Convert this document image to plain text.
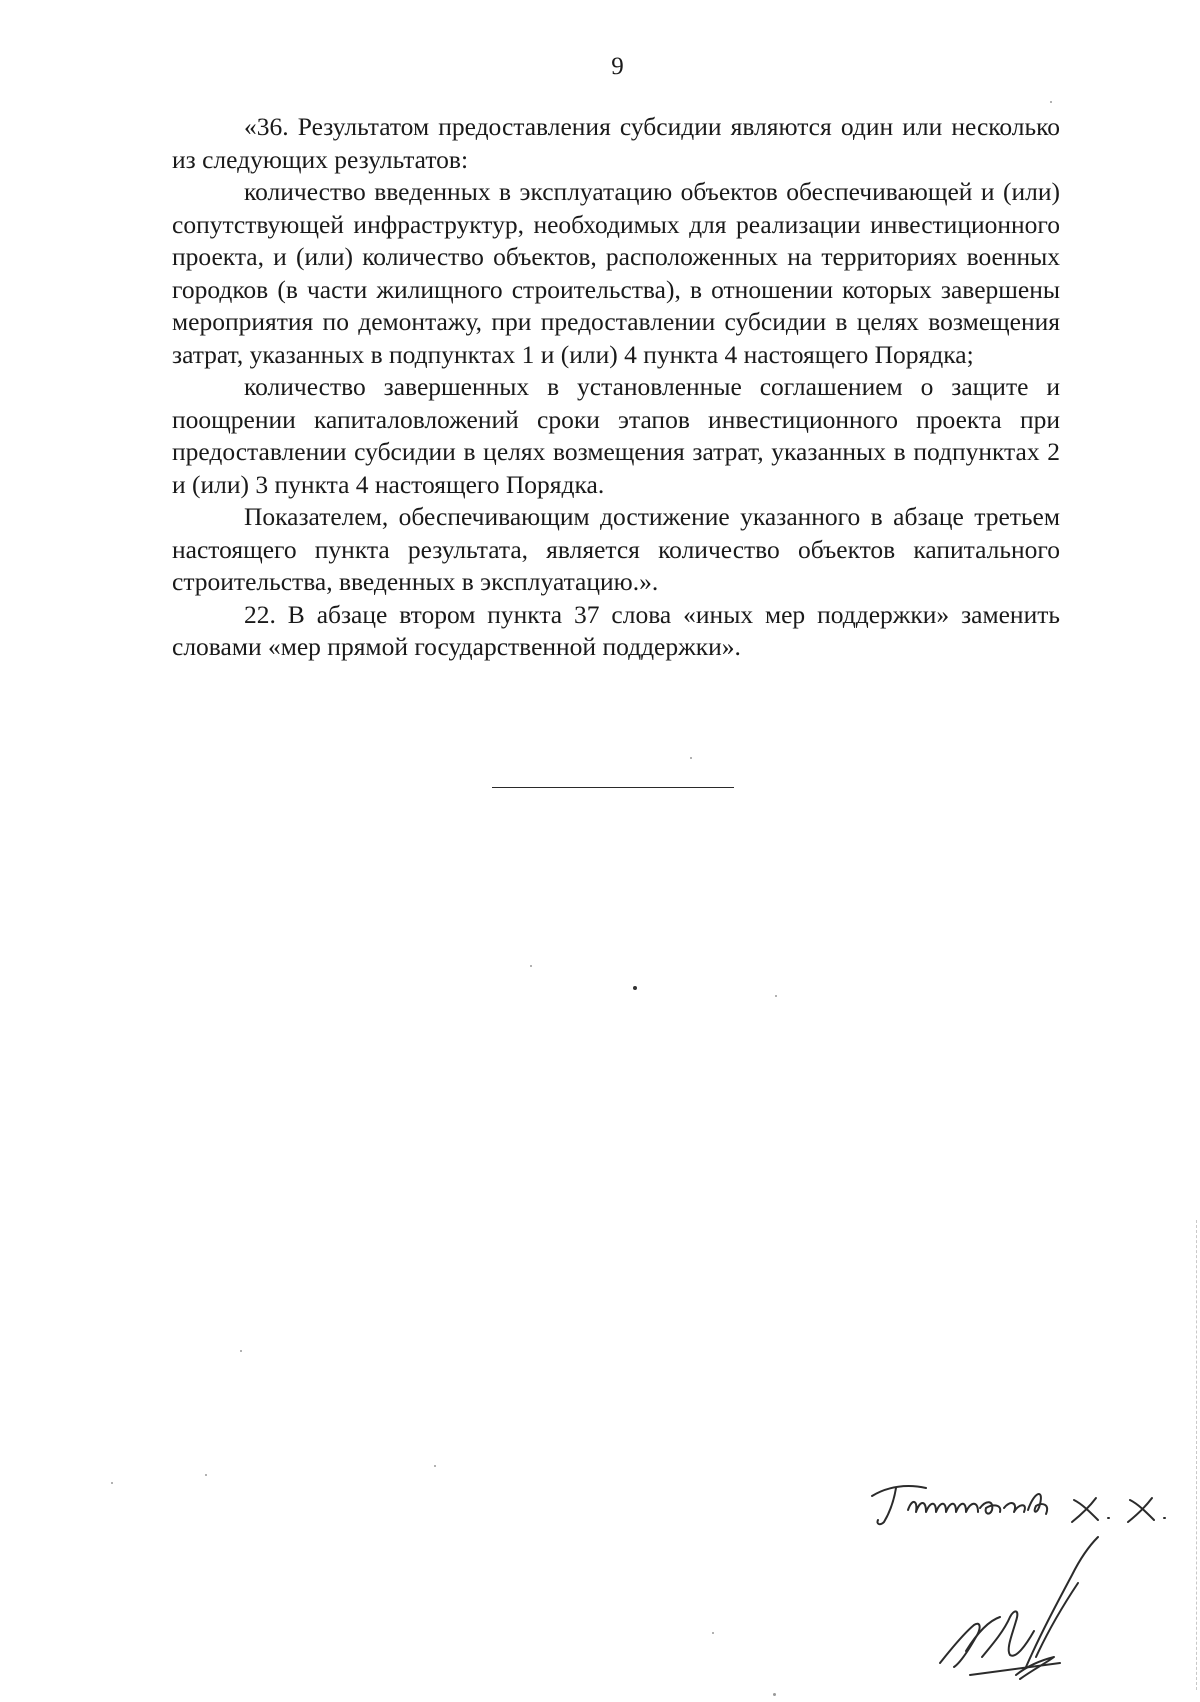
9

«36. Результатом предоставления субсидии являются один или несколько из следующих результатов:

количество введенных в эксплуатацию объектов обеспечивающей и (или) сопутствующей инфраструктур, необходимых для реализации инвестиционного проекта, и (или) количество объектов, расположенных на территориях военных городков (в части жилищного строительства), в отношении которых завершены мероприятия по демонтажу, при предоставлении субсидии в целях возмещения затрат, указанных в подпунктах 1 и (или) 4 пункта 4 настоящего Порядка;

количество завершенных в установленные соглашением о защите и поощрении капиталовложений сроки этапов инвестиционного проекта при предоставлении субсидии в целях возмещения затрат, указанных в подпунктах 2 и (или) 3 пункта 4 настоящего Порядка.

Показателем, обеспечивающим достижение указанного в абзаце третьем настоящего пункта результата, является количество объектов капитального строительства, введенных в эксплуатацию.».

22. В абзаце втором пункта 37 слова «иных мер поддержки» заменить словами «мер прямой государственной поддержки».
